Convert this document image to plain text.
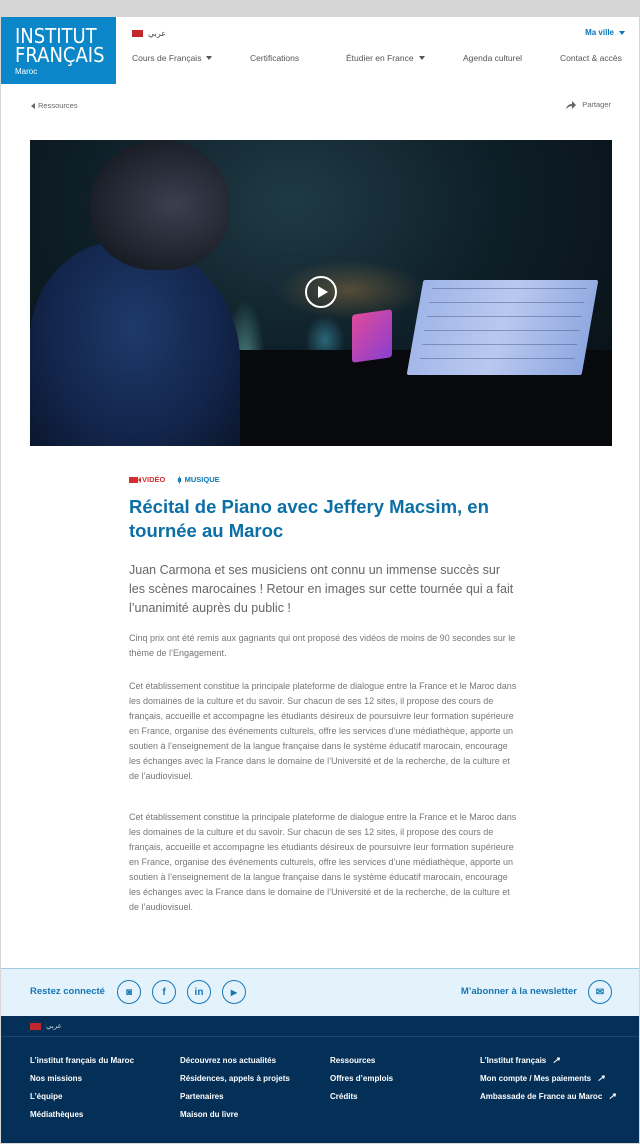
INSTITUT
FRANÇAIS
Maroc
عربي	Ma ville
Cours de Français	Certifications	Étudier en France	Agenda culturel	Contact & accès
Ressources	Partager
VIDÉO ı|ı MUSIQUE
Récital de Piano avec Jeffery Macsim, en tournée au Maroc

Juan Carmona et ses musiciens ont connu un immense succès sur les scènes marocaines ! Retour en images sur cette tournée qui a fait l’unanimité auprès du public !

Cinq prix ont été remis aux gagnants qui ont proposé des vidéos de moins de 90 secondes sur le thème de l’Engagement.

Cet établissement constitue la principale plateforme de dialogue entre la France et le Maroc dans les domaines de la culture et du savoir. Sur chacun de ses 12 sites, il propose des cours de français, accueille et accompagne les étudiants désireux de poursuivre leur formation supérieure en France, organise des événements culturels, offre les services d’une médiathèque, apporte un soutien à l’enseignement de la langue française dans le système éducatif marocain, encourage les échanges avec la France dans le domaine de l’Université et de la recherche, de la culture et de l’audiovisuel.

Cet établissement constitue la principale plateforme de dialogue entre la France et le Maroc dans les domaines de la culture et du savoir. Sur chacun de ses 12 sites, il propose des cours de français, accueille et accompagne les étudiants désireux de poursuivre leur formation supérieure en France, organise des événements culturels, offre les services d’une médiathèque, apporte un soutien à l’enseignement de la langue française dans le système éducatif marocain, encourage les échanges avec la France dans le domaine de l’Université et de la recherche, de la culture et de l’audiovisuel.

Restez connecté	◙	f	in	▶	M’abonner à la newsletter	✉
عربي
L’institut français du Maroc
Nos missions
L’équipe
Médiathèques
Découvrez nos actualités
Résidences, appels à projets
Partenaires
Maison du livre
Ressources
Offres d’emplois
Crédits
L’Institut français ↗
Mon compte / Mes paiements ↗
Ambassade de France au Maroc ↗
